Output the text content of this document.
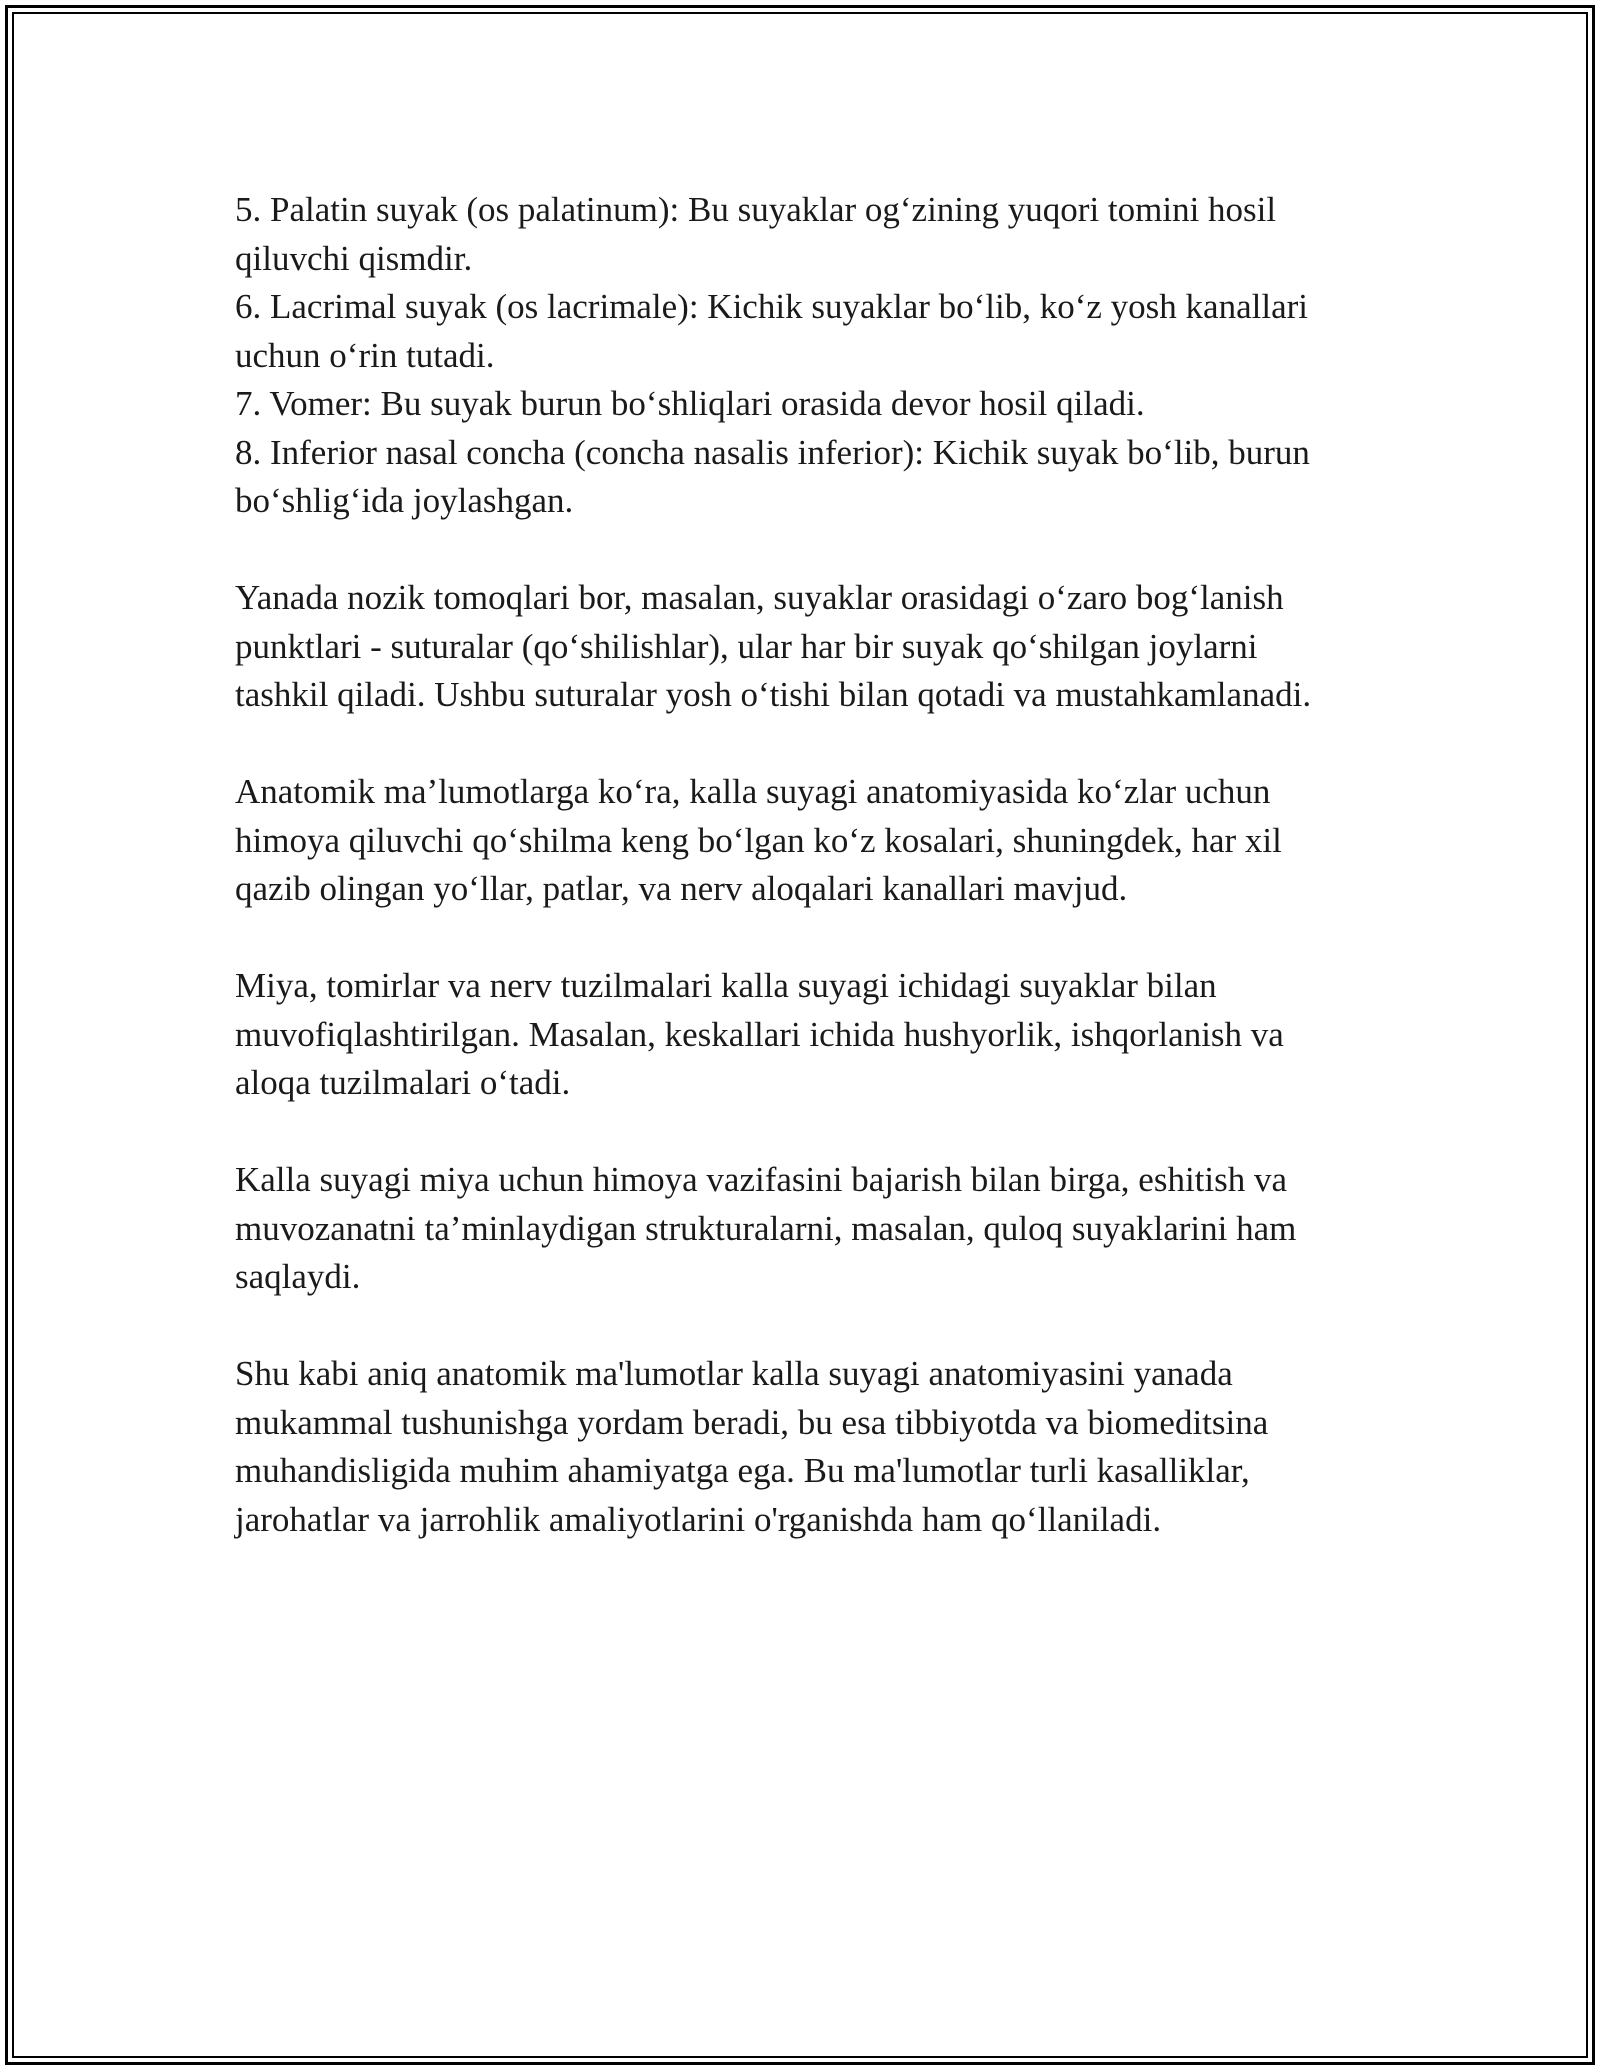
5. Palatin suyak (os palatinum): Bu suyaklar og‘zining yuqori tomini hosil

qiluvchi qismdir.

6. Lacrimal suyak (os lacrimale): Kichik suyaklar bo‘lib, ko‘z yosh kanallari

uchun o‘rin tutadi.

7. Vomer: Bu suyak burun bo‘shliqlari orasida devor hosil qiladi.

8. Inferior nasal concha (concha nasalis inferior): Kichik suyak bo‘lib, burun

bo‘shlig‘ida joylashgan.

Yanada nozik tomoqlari bor, masalan, suyaklar orasidagi o‘zaro bog‘lanish

punktlari - suturalar (qo‘shilishlar), ular har bir suyak qo‘shilgan joylarni

tashkil qiladi. Ushbu suturalar yosh o‘tishi bilan qotadi va mustahkamlanadi.

Anatomik ma’lumotlarga ko‘ra, kalla suyagi anatomiyasida ko‘zlar uchun

himoya qiluvchi qo‘shilma keng bo‘lgan ko‘z kosalari, shuningdek, har xil

qazib olingan yo‘llar, patlar, va nerv aloqalari kanallari mavjud.

Miya, tomirlar va nerv tuzilmalari kalla suyagi ichidagi suyaklar bilan

muvofiqlashtirilgan. Masalan, keskallari ichida hushyorlik, ishqorlanish va

aloqa tuzilmalari o‘tadi.

Kalla suyagi miya uchun himoya vazifasini bajarish bilan birga, eshitish va

muvozanatni ta’minlaydigan strukturalarni, masalan, quloq suyaklarini ham

saqlaydi.

Shu kabi aniq anatomik ma'lumotlar kalla suyagi anatomiyasini yanada

mukammal tushunishga yordam beradi, bu esa tibbiyotda va biomeditsina

muhandisligida muhim ahamiyatga ega. Bu ma'lumotlar turli kasalliklar,

jarohatlar va jarrohlik amaliyotlarini o'rganishda ham qo‘llaniladi.
